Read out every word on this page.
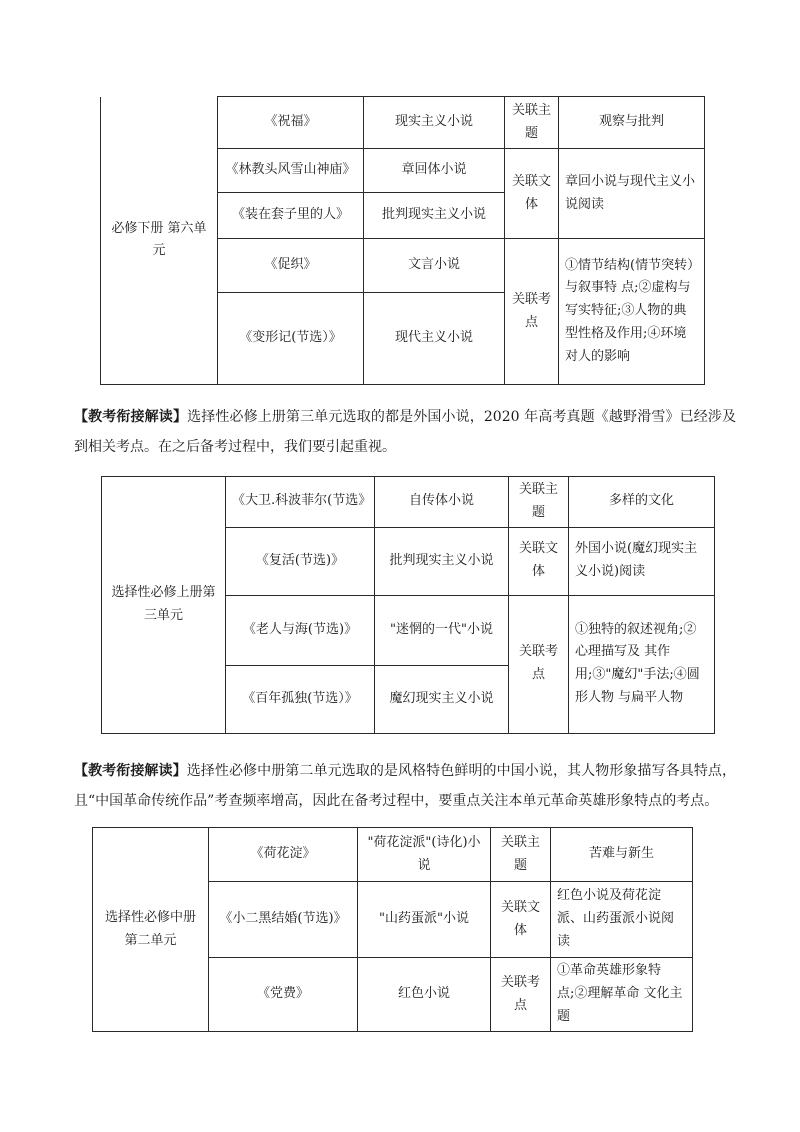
必修下册 第六单元	《祝福》	现实主义小说	关联主题	观察与批判
	《林教头风雪山神庙》	章回体小说	关联文体	章回小说与现代主义小说阅读
	《装在套子里的人》	批判现实主义小说		
	《促织》	文言小说	关联考点	①情节结构(情节突转）与叙事特 点;②虚构与写实特征;③人物的典型性格及作用;④环境对人的影响
	《变形记(节选）》	现代主义小说		
【教考衔接解读】选择性必修上册第三单元选取的都是外国小说，2020 年高考真题《越野滑雪》已经涉及到相关考点。在之后备考过程中，我们要引起重视。
选择性必修上册第三单元	《大卫.科波菲尔(节选》	自传体小说	关联主题	多样的文化
	《复活(节选)》	批判现实主义小说	关联文体	外国小说(魔幻现实主义小说)阅读
	《老人与海(节选)》	"迷惘的一代"小说	关联考点	①独特的叙述视角;②心理描写及 其作用;③"魔幻"手法;④圆形人物 与扁平人物
	《百年孤独(节选）》	魔幻现实主义小说		
【教考衔接解读】选择性必修中册第二单元选取的是风格特色鲜明的中国小说，其人物形象描写各具特点，且“中国革命传统作品”考查频率增高，因此在备考过程中，要重点关注本单元革命英雄形象特点的考点。
选择性必修中册第二单元	《荷花淀》	"荷花淀派"(诗化)小说	关联主题	苦难与新生
	《小二黑结婚(节选)》	"山药蛋派"小说	关联文体	红色小说及荷花淀派、山药蛋派小说阅读
	《党费》	红色小说	关联考点	①革命英雄形象特点;②理解革命 文化主题
